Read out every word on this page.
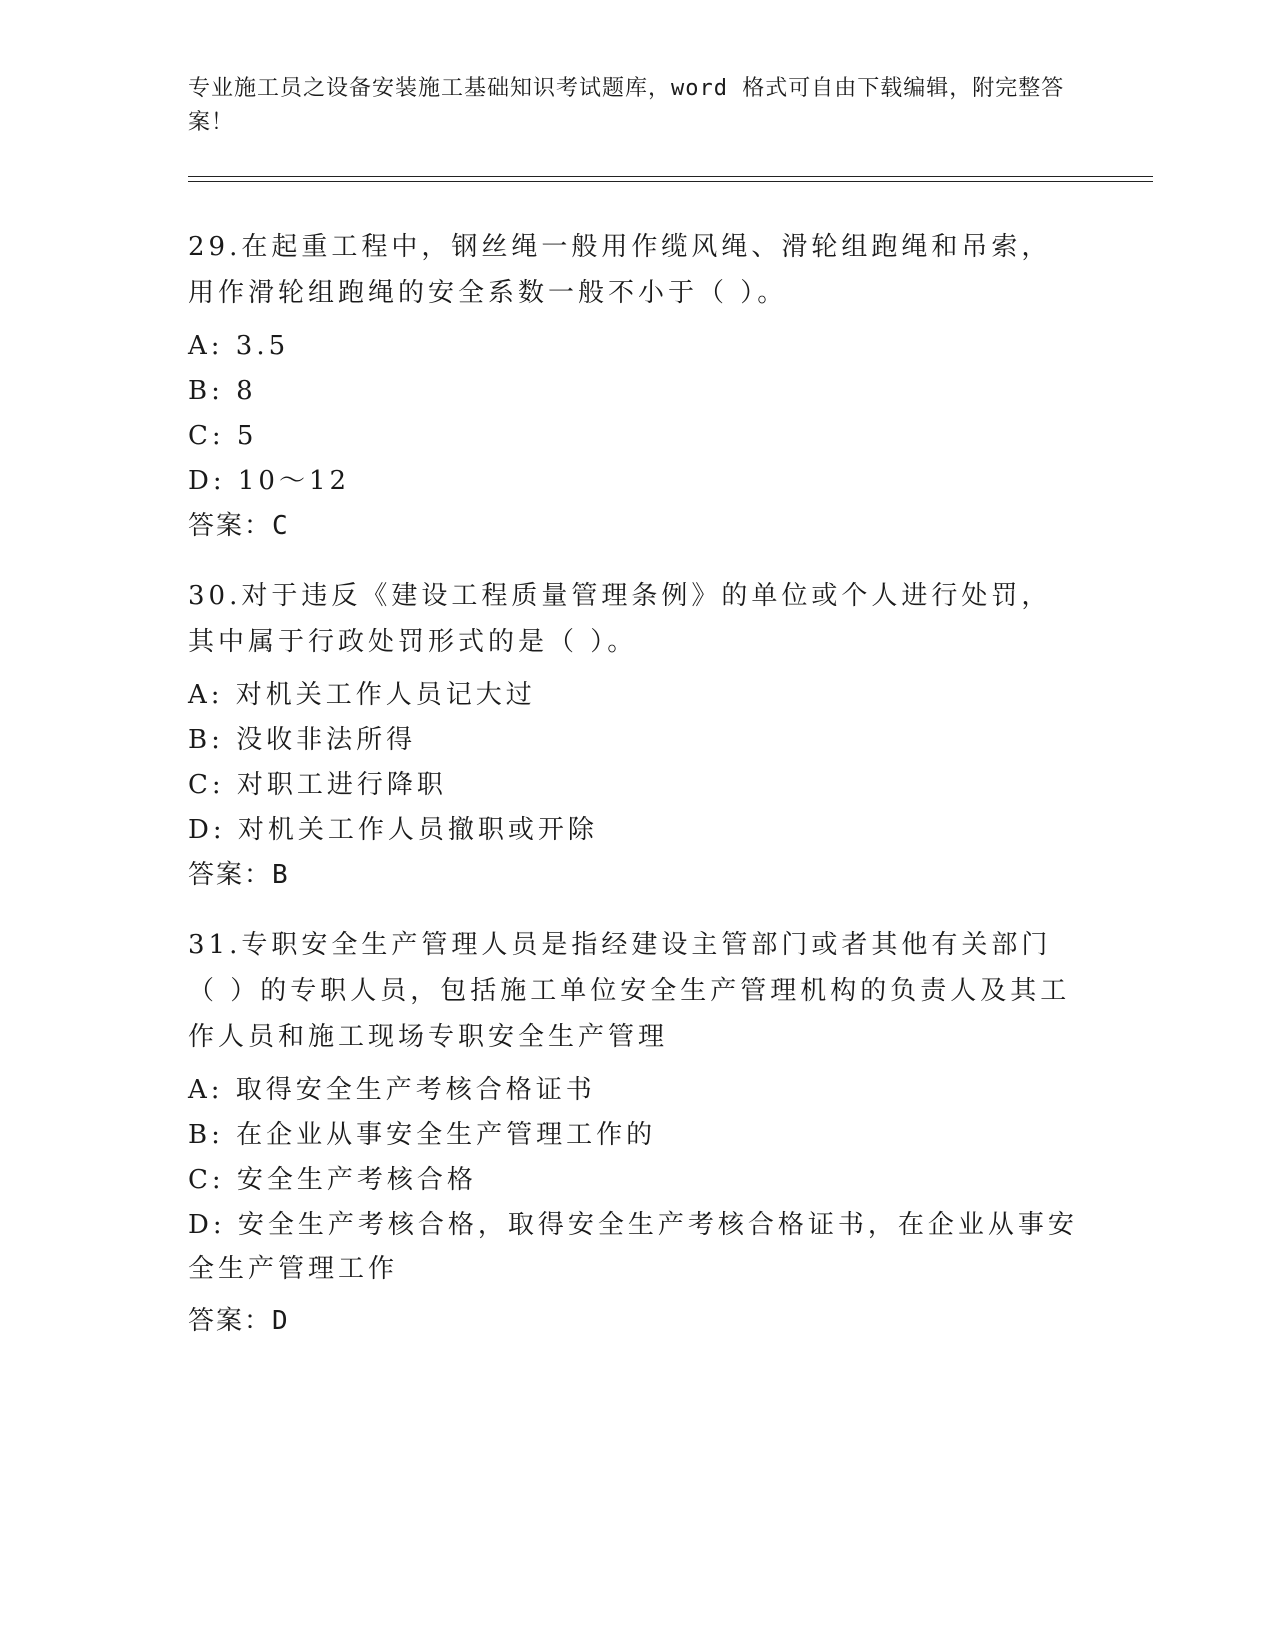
专业施工员之设备安装施工基础知识考试题库，word 格式可自由下载编辑，附完整答案！
29.在起重工程中，钢丝绳一般用作缆风绳、滑轮组跑绳和吊索，用作滑轮组跑绳的安全系数一般不小于（ ）。
A: 3.5
B: 8
C: 5
D: 10～12
答案：C
30.对于违反《建设工程质量管理条例》的单位或个人进行处罚，其中属于行政处罚形式的是（ ）。
A: 对机关工作人员记大过
B: 没收非法所得
C: 对职工进行降职
D: 对机关工作人员撤职或开除
答案：B
31.专职安全生产管理人员是指经建设主管部门或者其他有关部门（ ）的专职人员，包括施工单位安全生产管理机构的负责人及其工作人员和施工现场专职安全生产管理
A: 取得安全生产考核合格证书
B: 在企业从事安全生产管理工作的
C: 安全生产考核合格
D: 安全生产考核合格，取得安全生产考核合格证书，在企业从事安全生产管理工作
答案：D
